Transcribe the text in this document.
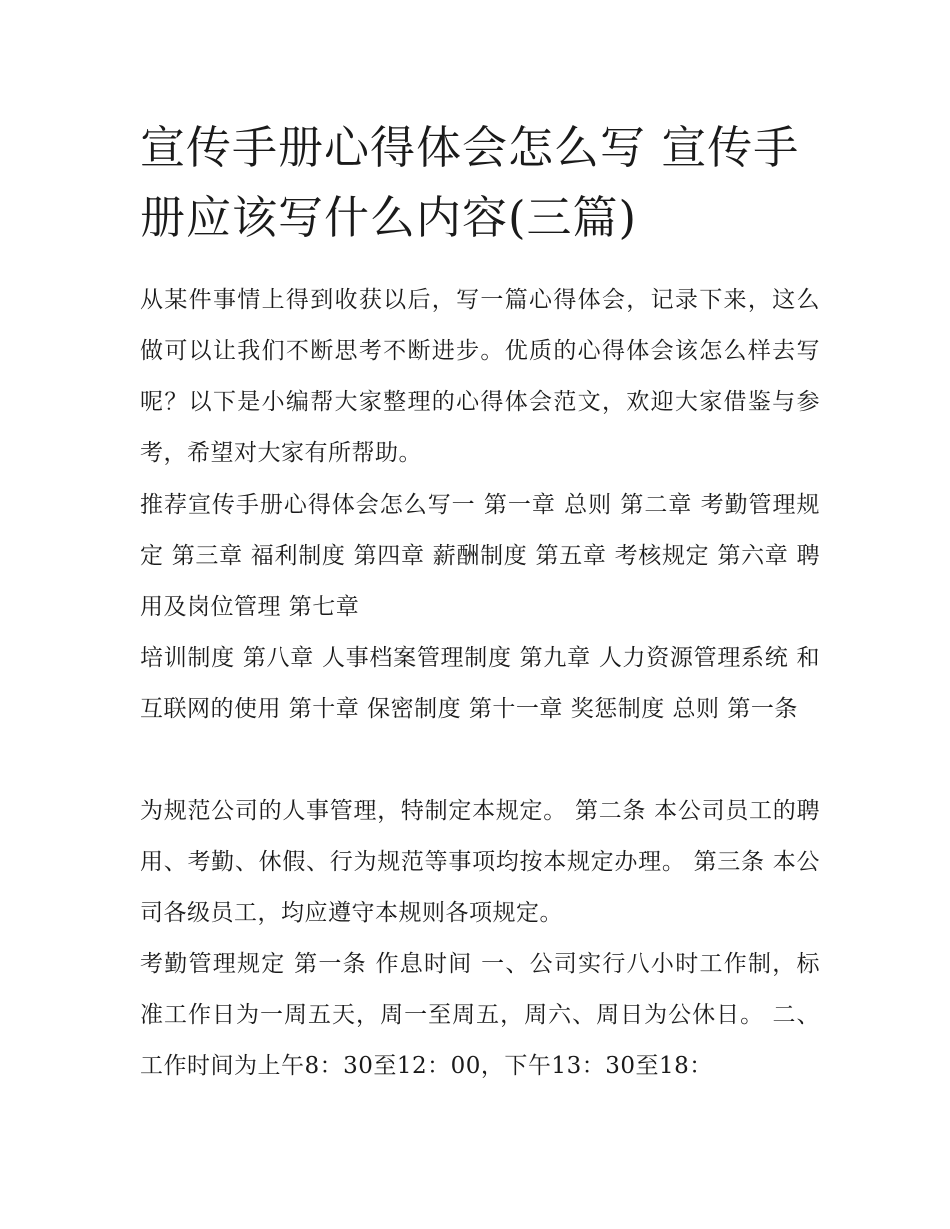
宣传手册心得体会怎么写 宣传手册应该写什么内容(三篇)

从某件事情上得到收获以后，写一篇心得体会，记录下来，这么做可以让我们不断思考不断进步。优质的心得体会该怎么样去写呢？以下是小编帮大家整理的心得体会范文，欢迎大家借鉴与参考，希望对大家有所帮助。

推荐宣传手册心得体会怎么写一 第一章 总则 第二章 考勤管理规定 第三章 福利制度 第四章 薪酬制度 第五章 考核规定 第六章 聘用及岗位管理 第七章

培训制度 第八章 人事档案管理制度 第九章 人力资源管理系统 和互联网的使用 第十章 保密制度 第十一章 奖惩制度 总则 第一条

为规范公司的人事管理，特制定本规定。 第二条 本公司员工的聘用、考勤、休假、行为规范等事项均按本规定办理。 第三条 本公司各级员工，均应遵守本规则各项规定。

考勤管理规定 第一条 作息时间 一、公司实行八小时工作制，标准工作日为一周五天，周一至周五，周六、周日为公休日。 二、工作时间为上午8：30至12：00，下午13：30至18：
